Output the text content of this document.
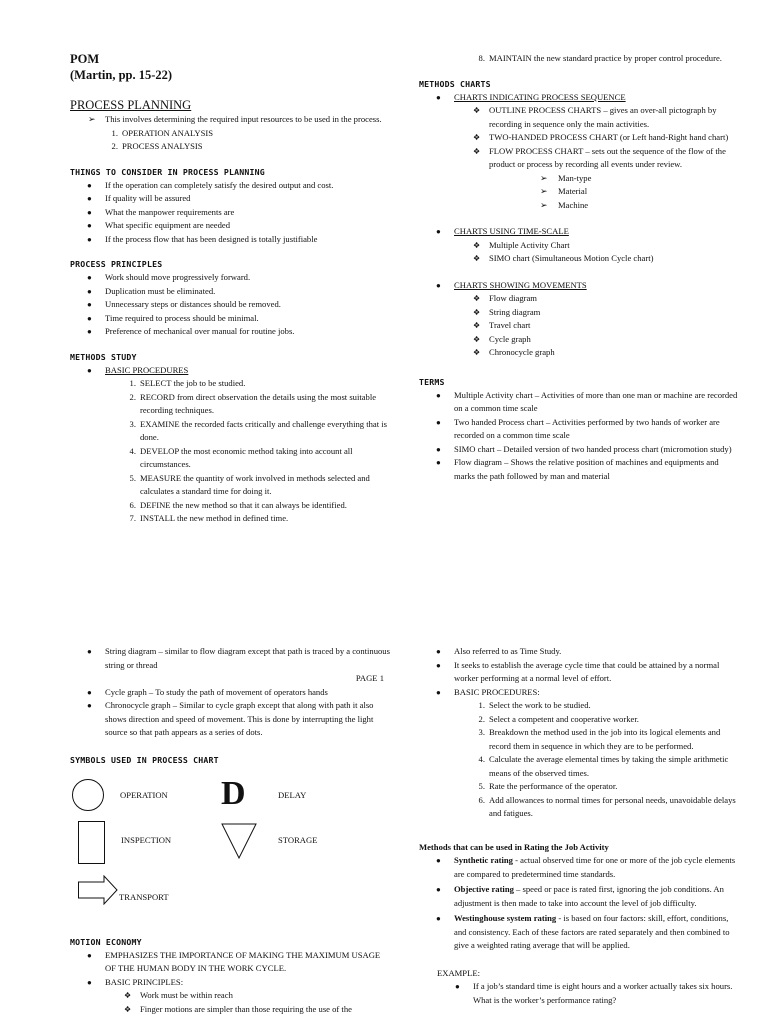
POM
(Martin, pp. 15-22)
PROCESS PLANNING
➢ This involves determining the required input resources to be used in the process.
1. OPERATION ANALYSIS
2. PROCESS ANALYSIS
THINGS TO CONSIDER IN PROCESS PLANNING
● If the operation can completely satisfy the desired output and cost.
● If quality will be assured
● What the manpower requirements are
● What specific equipment are needed
● If the process flow that has been designed is totally justifiable
PROCESS PRINCIPLES
● Work should move progressively forward.
● Duplication must be eliminated.
● Unnecessary steps or distances should be removed.
● Time required to process should be minimal.
● Preference of mechanical over manual for routine jobs.
METHODS STUDY
● BASIC PROCEDURES
1. SELECT the job to be studied.
2. RECORD from direct observation the details using the most suitable recording techniques.
3. EXAMINE the recorded facts critically and challenge everything that is done.
4. DEVELOP the most economic method taking into account all circumstances.
5. MEASURE the quantity of work involved in methods selected and calculates a standard time for doing it.
6. DEFINE the new method so that it can always be identified.
7. INSTALL the new method in defined time.
8. MAINTAIN the new standard practice by proper control procedure.
METHODS CHARTS
● CHARTS INDICATING PROCESS SEQUENCE
❖ OUTLINE PROCESS CHARTS – gives an over-all pictograph by recording in sequence only the main activities.
❖ TWO-HANDED PROCESS CHART (or Left hand-Right hand chart)
❖ FLOW PROCESS CHART – sets out the sequence of the flow of the product or process by recording all events under review.
➢ Man-type
➢ Material
➢ Machine
● CHARTS USING TIME-SCALE
❖ Multiple Activity Chart
❖ SIMO chart (Simultaneous Motion Cycle chart)
● CHARTS SHOWING MOVEMENTS
❖ Flow diagram
❖ String diagram
❖ Travel chart
❖ Cycle graph
❖ Chronocycle graph
TERMS
● Multiple Activity chart – Activities of more than one man or machine are recorded on a common time scale
● Two handed Process chart – Activities performed by two hands of worker are recorded on a common time scale
● SIMO chart – Detailed version of two handed process chart (micromotion study)
● Flow diagram – Shows the relative position of machines and equipments and marks the path followed by man and material
● String diagram – similar to flow diagram except that path is traced by a continuous string or thread
PAGE 1
● Cycle graph – To study the path of movement of operators hands
● Chronocycle graph – Similar to cycle graph except that along with path it also shows direction and speed of movement. This is done by interrupting the light source so that path appears as a series of dots.
SYMBOLS USED IN PROCESS CHART
OPERATION D	DELAY
INSPECTION	STORAGE
TRANSPORT
MOTION ECONOMY
● EMPHASIZES THE IMPORTANCE OF MAKING THE MAXIMUM USAGE OF THE HUMAN BODY IN THE WORK CYCLE.
● BASIC PRINCIPLES:
❖ Work must be within reach
❖ Finger motions are simpler than those requiring the use of the
● Also referred to as Time Study.
● It seeks to establish the average cycle time that could be attained by a normal worker performing at a normal level of effort.
● BASIC PROCEDURES:
1. Select the work to be studied.
2. Select a competent and cooperative worker.
3. Breakdown the method used in the job into its logical elements and record them in sequence in which they are to be performed.
4. Calculate the average elemental times by taking the simple arithmetic means of the observed times.
5. Rate the performance of the operator.
6. Add allowances to normal times for personal needs, unavoidable delays and fatigues.
Methods that can be used in Rating the Job Activity
● Synthetic rating - actual observed time for one or more of the job cycle elements are compared to predetermined time standards.
● Objective rating – speed or pace is rated first, ignoring the job conditions. An adjustment is then made to take into account the level of job difficulty.
● Westinghouse system rating - is based on four factors: skill, effort, conditions, and consistency. Each of these factors are rated separately and then combined to give a weighted rating average that will be applied.
EXAMPLE:
● If a job’s standard time is eight hours and a worker actually takes six hours. What is the worker’s performance rating?
